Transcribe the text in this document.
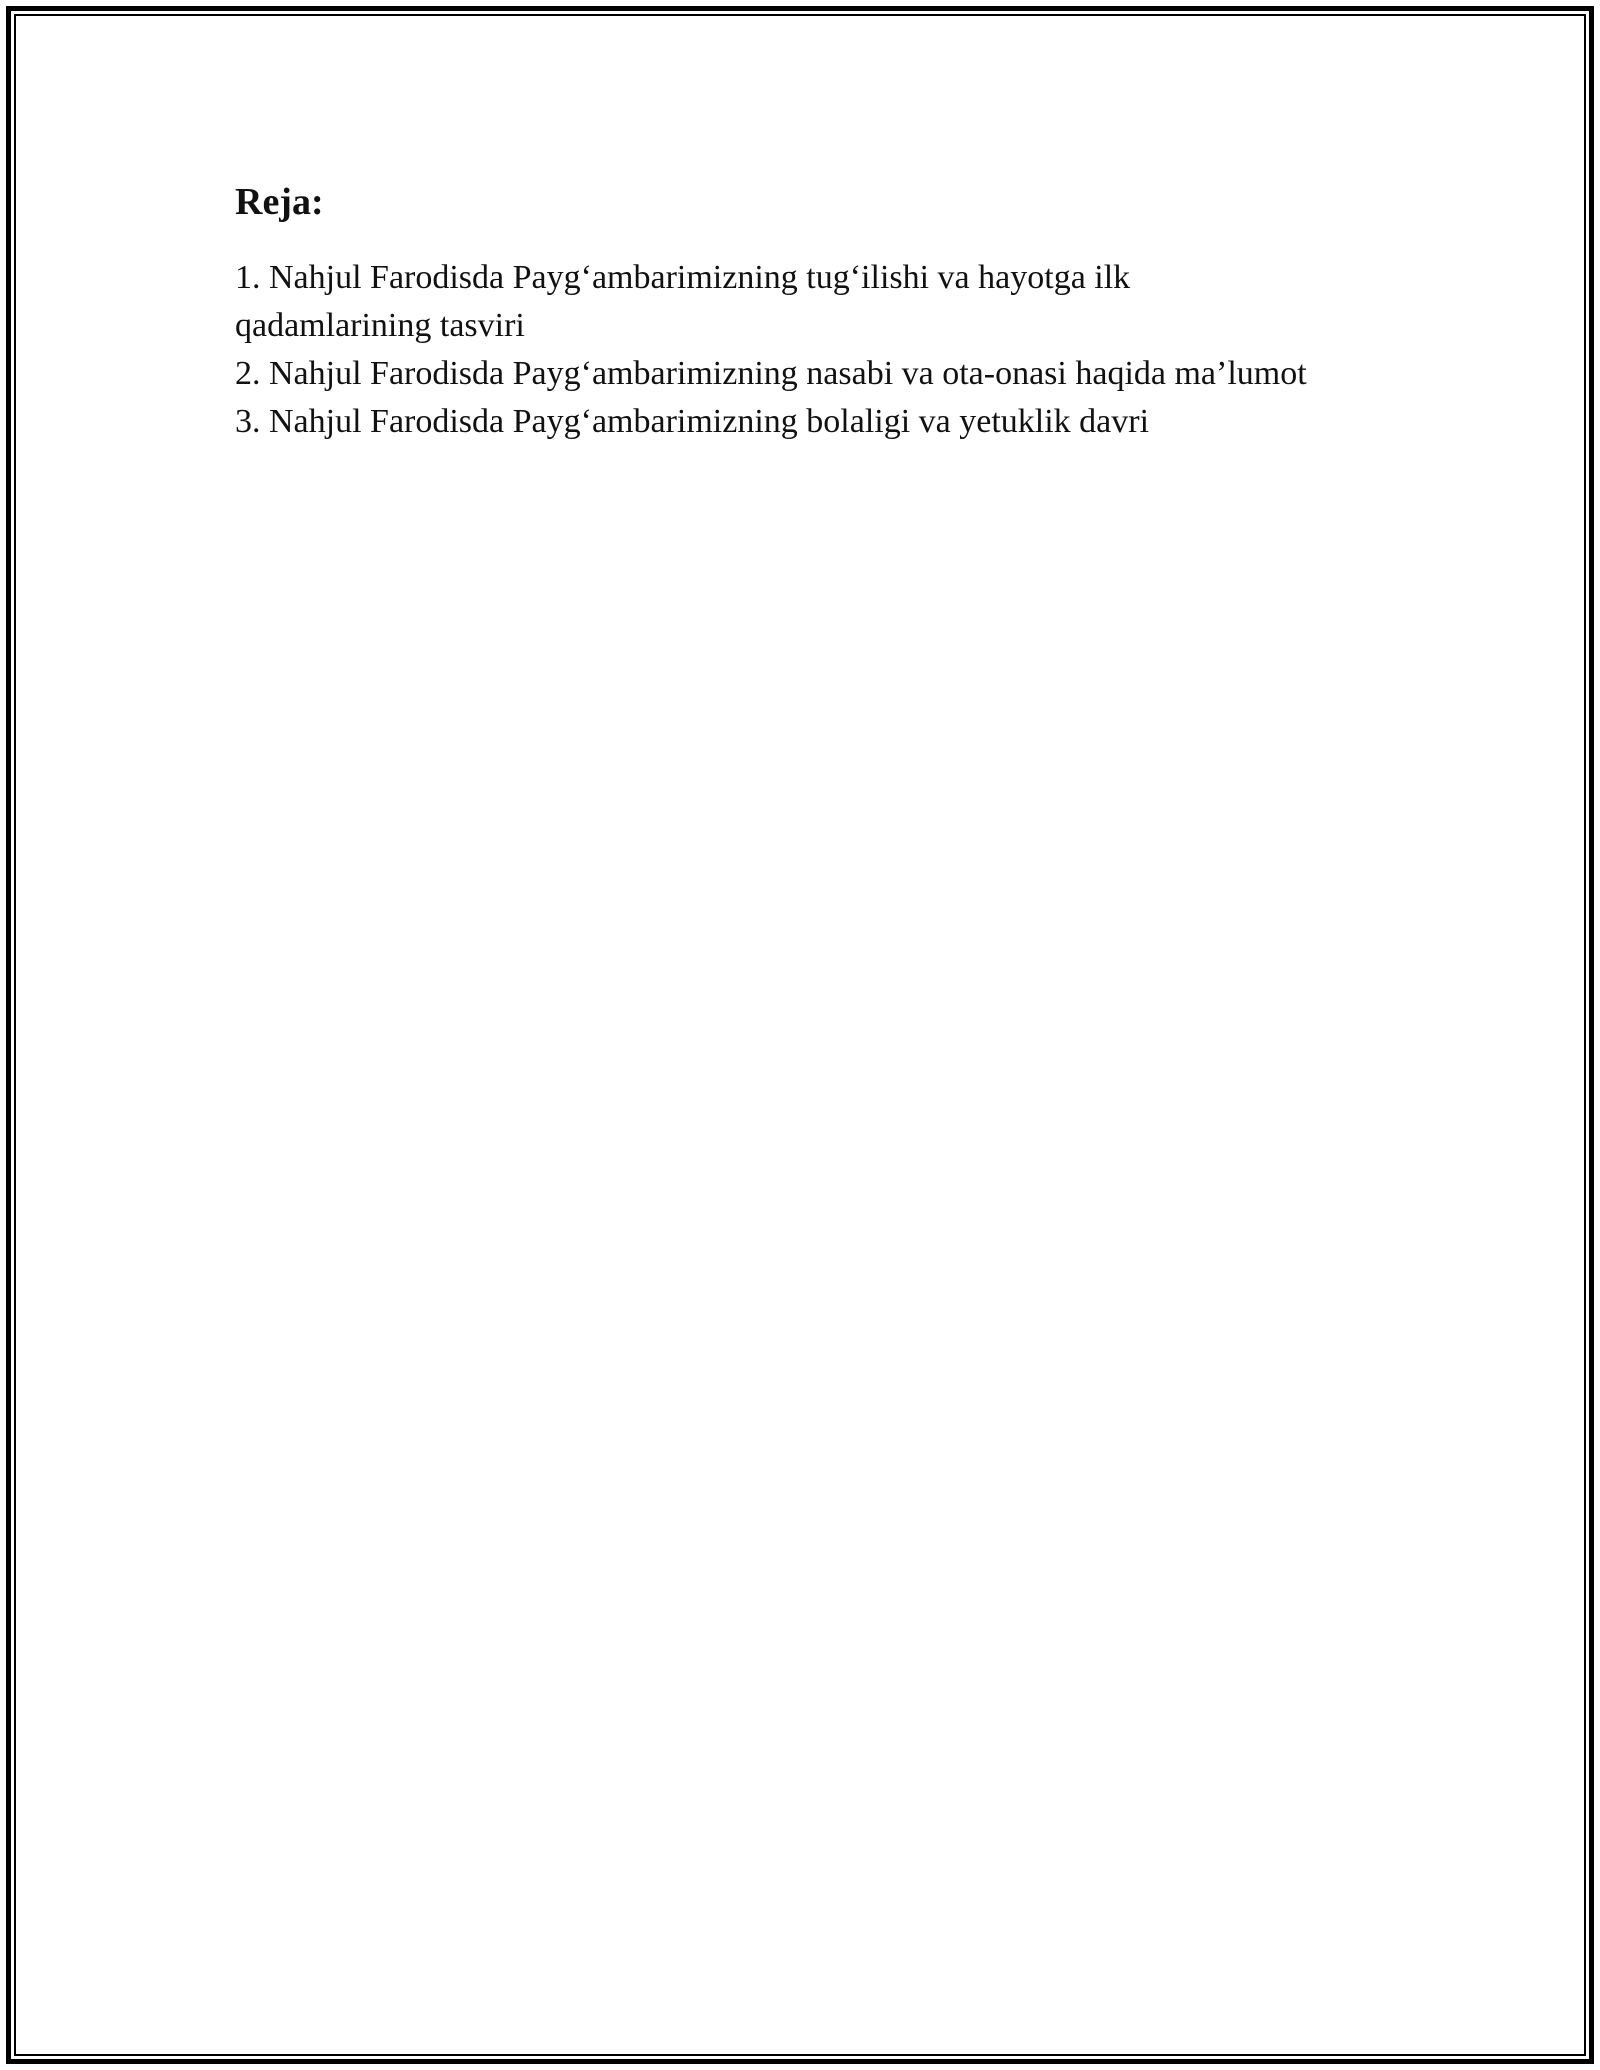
Reja:
1. Nahjul Farodisda Payg‘ambarimizning tug‘ilishi va hayotga ilk qadamlarining tasviri
2. Nahjul Farodisda Payg‘ambarimizning nasabi va ota-onasi haqida ma’lumot
3. Nahjul Farodisda Payg‘ambarimizning bolaligi va yetuklik davri
